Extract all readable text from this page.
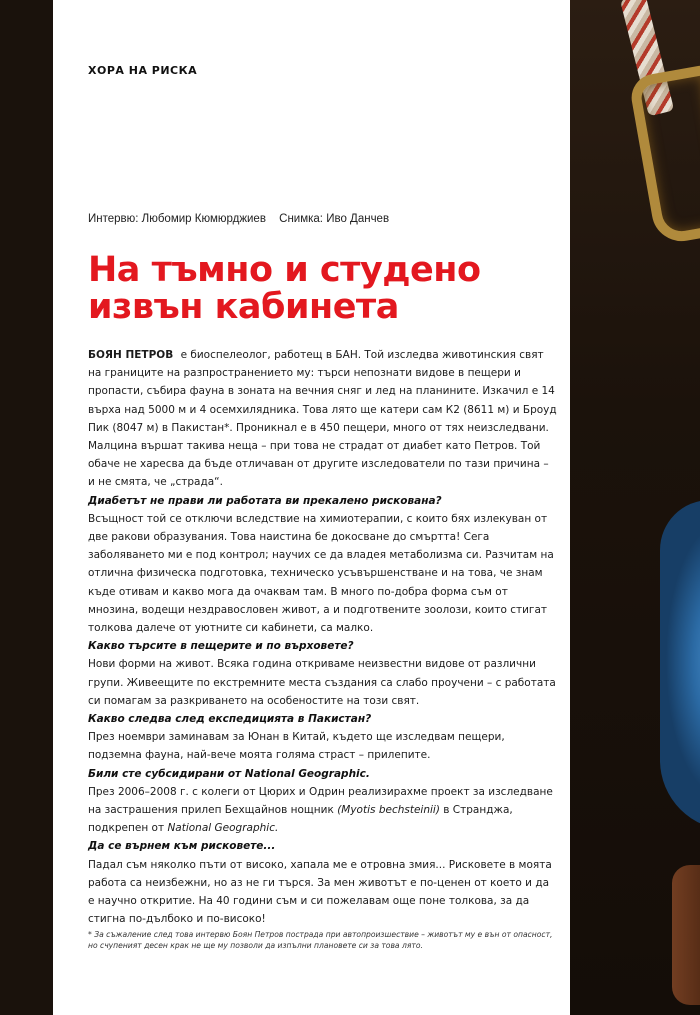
ХОРА НА РИСКА
Интервю: Любомир Кюмюрджиев Снимка: Иво Данчев
На тъмно и студено
извън кабинета

БОЯН ПЕТРОВ е биоспелеолог, работещ в БАН. Той изследва животинския свят на границите на разпространението му: търси непознати видове в пещери и пропасти, събира фауна в зоната на вечния сняг и лед на планините. Изкачил е 14 върха над 5000 м и 4 осемхилядника. Това лято ще катери сам К2 (8611 м) и Броуд Пик (8047 м) в Пакистан*. Проникнал е в 450 пещери, много от тях неизследвани. Малцина вършат такива неща – при това не страдат от диабет като Петров. Той обаче не харесва да бъде отличаван от другите изследователи по тази причина – и не смята, че „страда“.

Диабетът не прави ли работата ви прекалено рискована?

Всъщност той се отключи вследствие на химиотерапии, с които бях излекуван от две ракови образувания. Това наистина бе докосване до смъртта! Сега заболяването ми е под контрол; научих се да владея метаболизма си. Разчитам на отлична физическа подготовка, техническо усъвършенстване и на това, че знам къде отивам и какво мога да очаквам там. В много по-добра форма съм от мнозина, водещи нездравословен живот, а и подготвените зоолози, които стигат толкова далече от уютните си кабинети, са малко.

Какво търсите в пещерите и по върховете?

Нови форми на живот. Всяка година откриваме неизвестни видове от различни групи. Живеещите по екстремните места създания са слабо проучени – с работата си помагам за разкриването на особеностите на този свят.

Какво следва след експедицията в Пакистан?

През ноември заминавам за Юнан в Китай, където ще изследвам пещери, подземна фауна, най-вече моята голяма страст – прилепите.

Били сте субсидирани от National Geographic.

През 2006–2008 г. с колеги от Цюрих и Одрин реализирахме проект за изследване на застрашения прилеп Бехщайнов нощник (Myotis bechsteinii) в Странджа, подкрепен от National Geographic.

Да се върнем към рисковете...

Падал съм няколко пъти от високо, хапала ме е отровна змия... Рисковете в моята работа са неизбежни, но аз не ги търся. За мен животът е по-ценен от което и да е научно откритие. На 40 години съм и си пожелавам още поне толкова, за да стигна по-дълбоко и по-високо!

* За съжаление след това интервю Боян Петров пострада при автопроизшествие – животът му е вън от опасност, но счупеният десен крак не ще му позволи да изпълни плановете си за това лято.
